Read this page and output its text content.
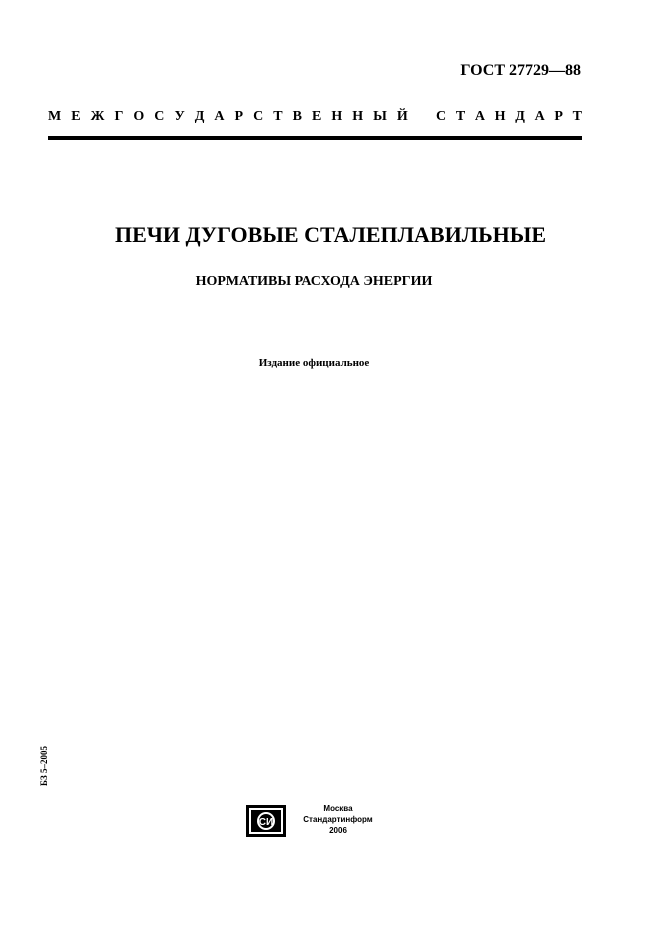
ГОСТ 27729—88
М Е Ж Г О С У Д А Р С Т В Е Н Н Ы Й С Т А Н Д А Р Т
ПЕЧИ ДУГОВЫЕ СТАЛЕПЛАВИЛЬНЫЕ
НОРМАТИВЫ РАСХОДА ЭНЕРГИИ
Издание официальное
БЗ 5–2005
СИ
Москва
Стандартинформ
2006
